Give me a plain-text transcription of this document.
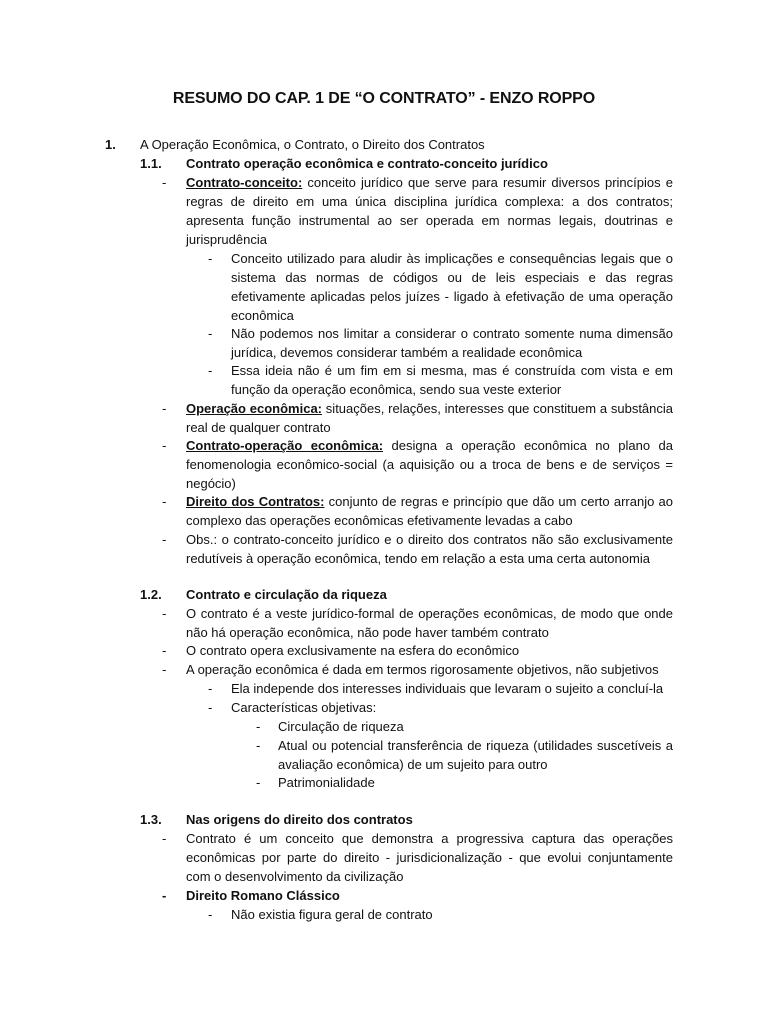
RESUMO DO CAP. 1 DE “O CONTRATO” - ENZO ROPPO
1. A Operação Econômica, o Contrato, o Direito dos Contratos
1.1. Contrato operação econômica e contrato-conceito jurídico
- Contrato-conceito: conceito jurídico que serve para resumir diversos princípios e regras de direito em uma única disciplina jurídica complexa: a dos contratos; apresenta função instrumental ao ser operada em normas legais, doutrinas e jurisprudência
- Conceito utilizado para aludir às implicações e consequências legais que o sistema das normas de códigos ou de leis especiais e das regras efetivamente aplicadas pelos juízes - ligado à efetivação de uma operação econômica
- Não podemos nos limitar a considerar o contrato somente numa dimensão jurídica, devemos considerar também a realidade econômica
- Essa ideia não é um fim em si mesma, mas é construída com vista e em função da operação econômica, sendo sua veste exterior
- Operação econômica: situações, relações, interesses que constituem a substância real de qualquer contrato
- Contrato-operação econômica: designa a operação econômica no plano da fenomenologia econômico-social (a aquisição ou a troca de bens e de serviços = negócio)
- Direito dos Contratos: conjunto de regras e princípio que dão um certo arranjo ao complexo das operações econômicas efetivamente levadas a cabo
- Obs.: o contrato-conceito jurídico e o direito dos contratos não são exclusivamente redutíveis à operação econômica, tendo em relação a esta uma certa autonomia
1.2. Contrato e circulação da riqueza
- O contrato é a veste jurídico-formal de operações econômicas, de modo que onde não há operação econômica, não pode haver também contrato
- O contrato opera exclusivamente na esfera do econômico
- A operação econômica é dada em termos rigorosamente objetivos, não subjetivos
- Ela independe dos interesses individuais que levaram o sujeito a concluí-la
- Características objetivas:
- Circulação de riqueza
- Atual ou potencial transferência de riqueza (utilidades suscetíveis a avaliação econômica) de um sujeito para outro
- Patrimonialidade
1.3. Nas origens do direito dos contratos
- Contrato é um conceito que demonstra a progressiva captura das operações econômicas por parte do direito - jurisdicionalização - que evolui conjuntamente com o desenvolvimento da civilização
- Direito Romano Clássico
- Não existia figura geral de contrato
